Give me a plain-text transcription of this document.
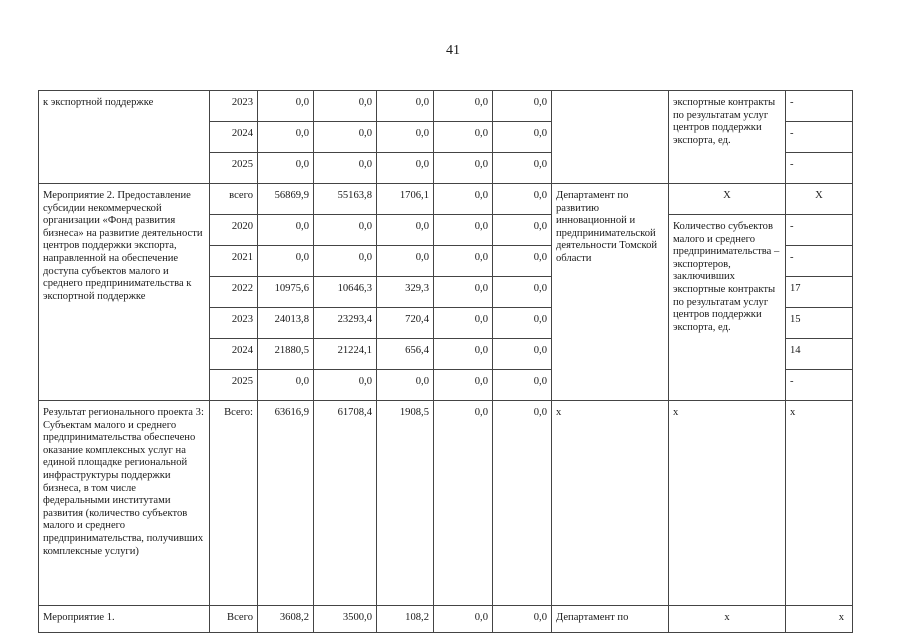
41
к экспортной поддержке	2023	0,0	0,0	0,0	0,0	0,0		экспортные контракты по результатам услуг центров поддержки экспорта, ед.	-
	2024	0,0	0,0	0,0	0,0	0,0			-
	2025	0,0	0,0	0,0	0,0	0,0			-

Мероприятие 2. Предоставление субсидии некоммерческой организации «Фонд развития бизнеса» на развитие деятельности центров поддержки экспорта, направленной на обеспечение доступа субъектов малого и среднего предпринимательства к экспортной поддержке	всего	56869,9	55163,8	1706,1	0,0	0,0	Департамент по развитию инновационной и предпринимательской деятельности Томской области	Х	Х
	2020	0,0	0,0	0,0	0,0	0,0		Количество субъектов малого и среднего предпринимательства – экспортеров, заключивших экспортные контракты по результатам услуг центров поддержки экспорта, ед.	-
	2021	0,0	0,0	0,0	0,0	0,0			-
	2022	10975,6	10646,3	329,3	0,0	0,0			17
	2023	24013,8	23293,4	720,4	0,0	0,0			15
	2024	21880,5	21224,1	656,4	0,0	0,0			14
	2025	0,0	0,0	0,0	0,0	0,0			-

Результат регионального проекта 3: Субъектам малого и среднего предпринимательства обеспечено оказание комплексных услуг на единой площадке региональной инфраструктуры поддержки бизнеса, в том числе федеральными институтами развития (количество субъектов малого и среднего предпринимательства, получивших комплексные услуги)	Всего:	63616,9	61708,4	1908,5	0,0	0,0	х	х	х
Мероприятие 1.	Всего	3608,2	3500,0	108,2	0,0	0,0	Департамент по	х	х
